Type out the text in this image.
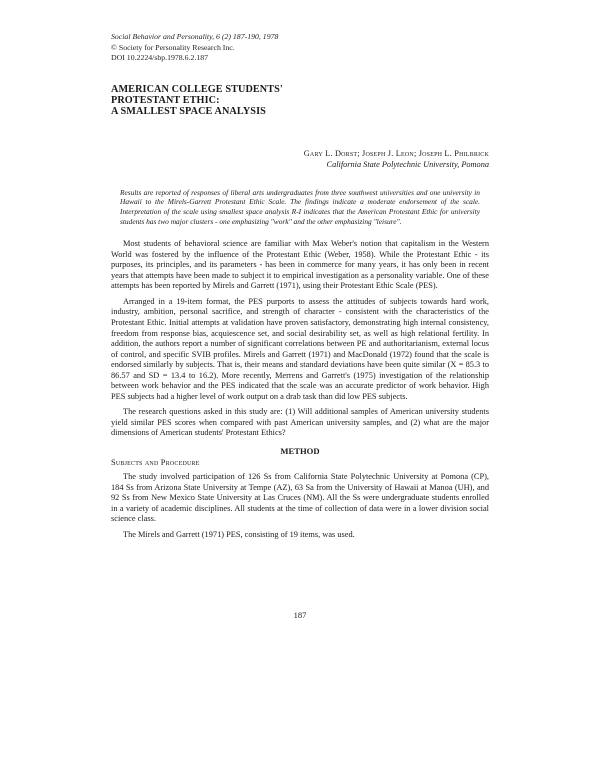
Social Behavior and Personality, 6 (2) 187-190, 1978
© Society for Personality Research Inc.
DOI 10.2224/sbp.1978.6.2.187
AMERICAN COLLEGE STUDENTS'
PROTESTANT ETHIC:
A SMALLEST SPACE ANALYSIS
Gary L. Dorst; Joseph J. Leon; Joseph L. Philbrick
California State Polytechnic University, Pomona
Results are reported of responses of liberal arts undergraduates from three southwest universities and one university in Hawaii to the Mirels-Garrett Protestant Ethic Scale. The findings indicate a moderate endorsement of the scale. Interpretation of the scale using smallest space analysis R-I indicates that the American Protestant Ethic for university students has two major clusters - one emphasizing "work" and the other emphasizing "leisure".

Most students of behavioral science are familiar with Max Weber's notion that capitalism in the Western World was fostered by the influence of the Protestant Ethic (Weber, 1958). While the Protestant Ethic - its purposes, its principles, and its parameters - has been in commerce for many years, it has only been in recent years that attempts have been made to subject it to empirical investigation as a personality variable. One of these attempts has been reported by Mirels and Garrett (1971), using their Protestant Ethic Scale (PES).

Arranged in a 19-item format, the PES purports to assess the attitudes of subjects towards hard work, industry, ambition, personal sacrifice, and strength of character - consistent with the characteristics of the Protestant Ethic. Initial attempts at validation have proven satisfactory, demonstrating high internal consistency, freedom from response bias, acquiescence set, and social desirability set, as well as high relational fertility. In addition, the authors report a number of significant correlations between PE and authoritarianism, external locus of control, and specific SVIB profiles. Mirels and Garrett (1971) and MacDonald (1972) found that the scale is endorsed similarly by subjects. That is, their means and standard deviations have been quite similar (X = 85.3 to 86.57 and SD = 13.4 to 16.2). More recently, Merrens and Garrett's (1975) investigation of the relationship between work behavior and the PES indicated that the scale was an accurate predictor of work behavior. High PES subjects had a higher level of work output on a drab task than did low PES subjects.

The research questions asked in this study are: (1) Will additional samples of American university students yield similar PES scores when compared with past American university samples, and (2) what are the major dimensions of American students' Protestant Ethics?

METHOD
Subjects and Procedure

The study involved participation of 126 Ss from California State Polytechnic University at Pomona (CP), 184 Ss from Arizona State University at Tempe (AZ), 63 Sa from the University of Hawaii at Manoa (UH), and 92 Ss from New Mexico State University at Las Cruces (NM). All the Ss were undergraduate students enrolled in a variety of academic disciplines. All students at the time of collection of data were in a lower division social science class.

The Mirels and Garrett (1971) PES, consisting of 19 items, was used.

187
